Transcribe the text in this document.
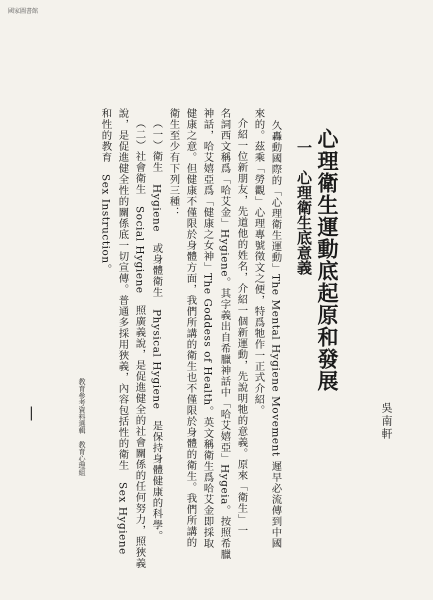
國家圖書館
心理衛生運動底起原和發展
吳南軒
一　心理衛生底意義
久轟動國際的「心理衛生運動」The Mental Hygiene Movement 遲早必流傳到中國
來的。茲乘「勞觀」心理專號徵文之便，特爲牠作一正式介紹。
介紹一位新朋友，先道他的姓名，介紹一個新運動，先說明牠的意義。原來「衛生」一
名詞西文稱爲「哈艾金」Hygiene。其字義出自希臘神話中「哈艾嬉亞」Hygeia。按照希臘
神話，哈艾嬉亞爲「健康之女神」The Goddess of Health。英文稱衛生爲哈艾金即採取
健康之意。但健康不僅限於身體方面，我們所講的衛生也不僅限於身體的衛生。我們所講的
衛生至少有下列三種：
（一）衛生　Hygiene　或身體衛生　Physical Hygiene　是保持身體健康的科學。
（二）社會衛生　Social Hygiene　照廣義說，是促進健全的社會關係的任何努力，照狹義
說，是促進健全性的關係底一切宣傳。普通多採用狹義，內容包括性的衛生　Sex Hygiene
和性的教育　Sex Instruction。
教育參考資料選輯　教育心理組
|
